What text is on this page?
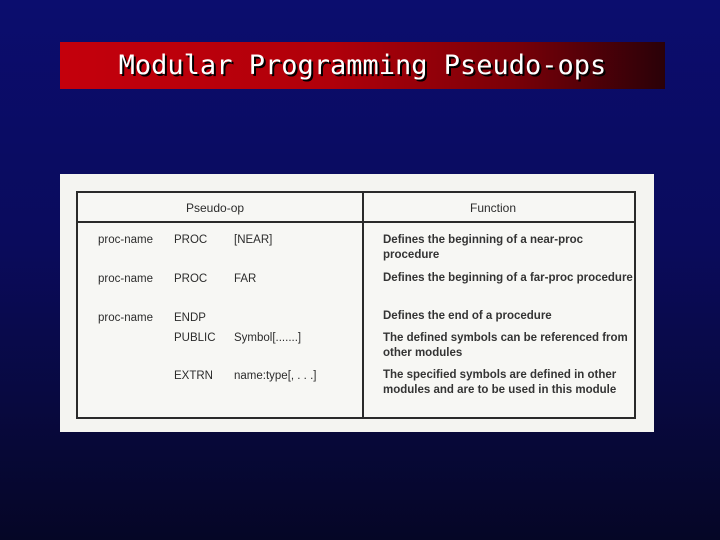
Modular Programming Pseudo-ops
Pseudo-op	Function
proc-name PROC [NEAR]	Defines the beginning of a near-proc procedure
proc-name PROC FAR	Defines the beginning of a far-proc procedure
proc-name ENDP	Defines the end of a procedure
PUBLIC Symbol[.......]	The defined symbols can be referenced from other modules
EXTRN name:type[, . . .]	The specified symbols are defined in other modules and are to be used in this module
